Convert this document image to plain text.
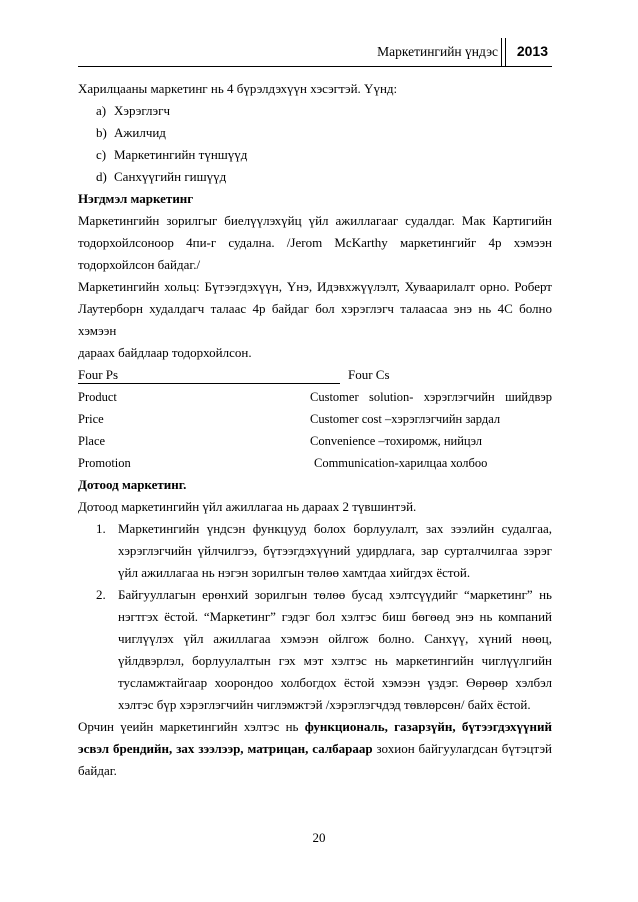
Маркетингийн үндэс 2013

Харилцааны маркетинг нь 4 бүрэлдэхүүн хэсэгтэй. Үүнд:

a) Хэрэглэгч
b) Ажилчид
c) Маркетингийн түншүүд
d) Санхүүгийн гишүүд

Нэгдмэл маркетинг

Маркетингийн зорилгыг биелүүлэхүйц үйл ажиллагааг судалдаг. Мак Картигийн

тодорхойлсоноор 4пи-г судална. /Jerom McKarthy маркетингийг 4р хэмээн

тодорхойлсон байдаг./

Маркетингийн хольц: Бүтээгдэхүүн, Үнэ, Идэвхжүүлэлт, Хуваарилалт орно. Роберт

Лаутерборн худалдагч талаас 4р байдаг бол хэрэглэгч талаасаа энэ нь 4С болно хэмээн

дараах байдлаар тодорхойлсон.

Four Ps	Four Cs
Product	Customer solution- хэрэглэгчийн шийдвэр
Price	Customer cost –хэрэглэгчийн зардал
Place	Convenience –тохиромж, нийцэл
Promotion	Communication-харилцаа холбоо

Дотоод маркетинг.

Дотоод маркетингийн үйл ажиллагаа нь дараах 2 түвшинтэй.

1. Маркетингийн үндсэн функцууд болох борлуулалт, зах зээлийн судалгаа, хэрэглэгчийн үйлчилгээ, бүтээгдэхүүний удирдлага, зар сурталчилгаа зэрэг үйл ажиллагаа нь нэгэн зорилгын төлөө хамтдаа хийгдэх ёстой.
2. Байгууллагын ерөнхий зорилгын төлөө бусад хэлтсүүдийг “маркетинг” нь нэгтгэх ёстой. “Маркетинг” гэдэг бол хэлтэс биш бөгөөд энэ нь компаний чиглүүлэх үйл ажиллагаа хэмээн ойлгож болно. Санхүү, хүний нөөц, үйлдвэрлэл, борлуулалтын гэх мэт хэлтэс нь маркетингийн чиглүүлгийн тусламжтайгаар хоорондоо холбогдох ёстой хэмээн үздэг. Өөрөөр хэлбэл хэлтэс бүр хэрэглэгчийн чиглэмжтэй /хэрэглэгчдэд төвлөрсөн/ байх ёстой.

Орчин үеийн маркетингийн хэлтэс нь функциональ, газарзүйн, бүтээгдэхүүний эсвэл брендийн, зах зээлээр, матрицан, салбараар зохион байгуулагдсан бүтэцтэй байдаг.

20
